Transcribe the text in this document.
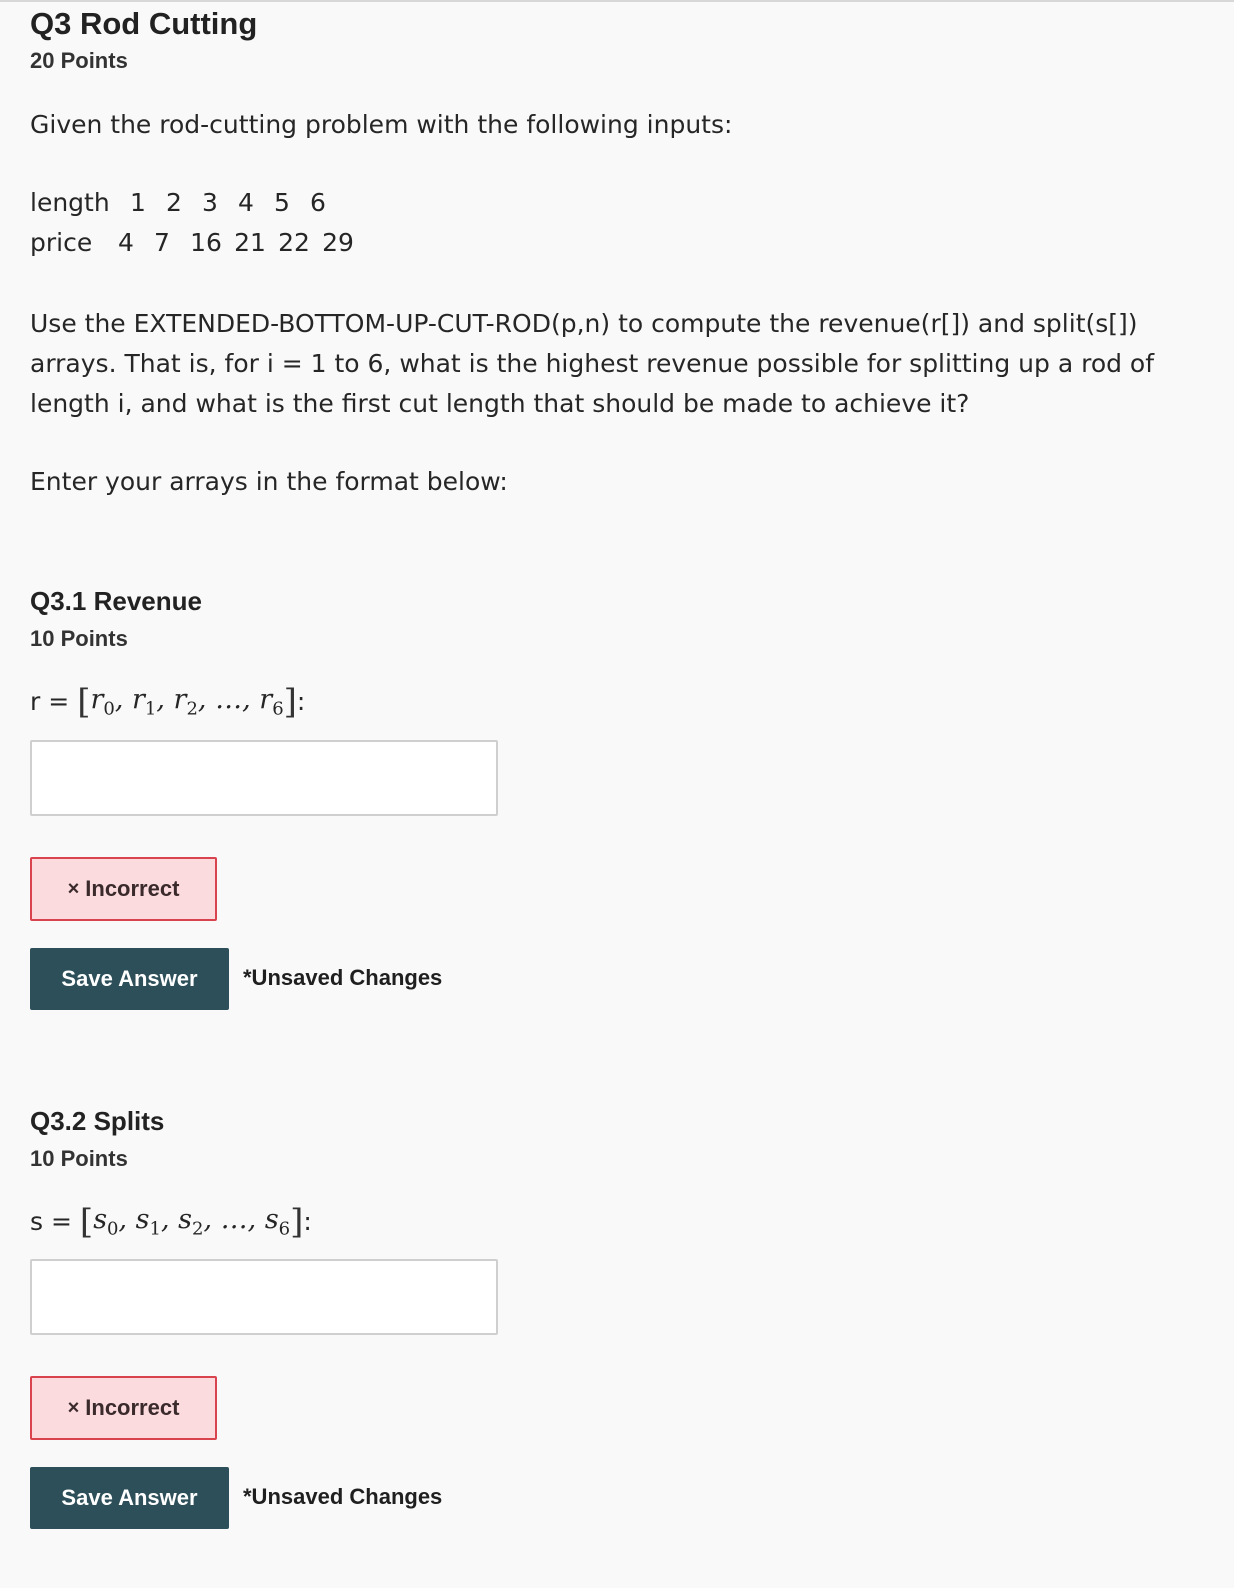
Q3 Rod Cutting
20 Points
Given the rod-cutting problem with the following inputs:
length 1 2 3 4 5 6
price	4 7 16 21 22 29
Use the EXTENDED-BOTTOM-UP-CUT-ROD(p,n) to compute the revenue(r[]) and split(s[]) arrays. That is, for i = 1 to 6, what is the highest revenue possible for splitting up a rod of length i, and what is the first cut length that should be made to achieve it?
Enter your arrays in the format below:
Q3.1 Revenue
10 Points
r = [ $r_0$, $r_1$, $r_2$, …, $r_6$ ] :
× Incorrect
Save Answer	*Unsaved Changes
Q3.2 Splits
10 Points
s = [ $s_0$, $s_1$, $s_2$, …, $s_6$ ] :
× Incorrect
Save Answer	*Unsaved Changes
